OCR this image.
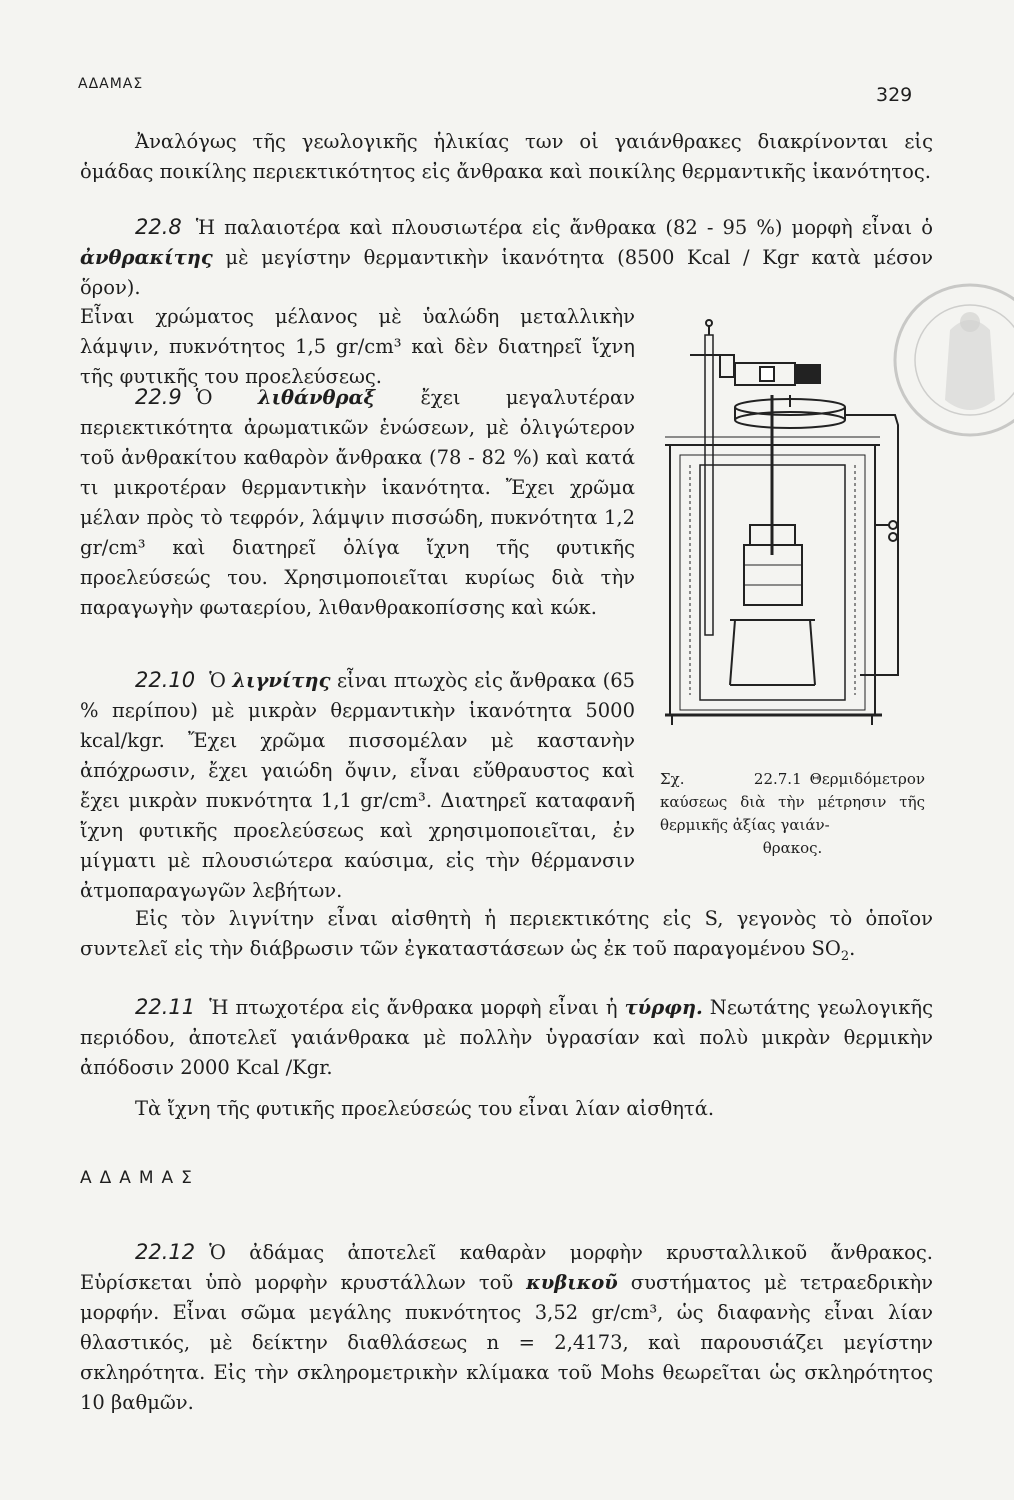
ΑΔΑΜΑΣ	329

Ἀναλόγως τῆς γεωλογικῆς ἡλικίας των οἱ γαιάνθρακες διακρίνονται εἰς ὁμάδας ποικίλης περιεκτικότητος εἰς ἄνθρακα καὶ ποικίλης θερμαντικῆς ἱκανότητος.

22.8 Ἡ παλαιοτέρα καὶ πλουσιωτέρα εἰς ἄνθρακα (82 - 95 %) μορφὴ εἶναι ὁ ἀνθρακίτης μὲ μεγίστην θερμαντικὴν ἱκανότητα (8500 Kcal / Kgr κατὰ μέσον ὅρον).

Εἶναι χρώματος μέλανος μὲ ὑαλώδη μεταλλικὴν λάμψιν, πυκνότητος 1,5 gr/cm³ καὶ δὲν διατηρεῖ ἴχνη τῆς φυτικῆς του προελεύσεως.

22.9 Ὁ λιθάνθραξ ἔχει μεγαλυτέραν περιεκτικότητα ἀρωματικῶν ἑνώσεων, μὲ ὀλιγώτερον τοῦ ἀνθρακίτου καθαρὸν ἄνθρακα (78 - 82 %) καὶ κατά τι μικροτέραν θερμαντικὴν ἱκανότητα. Ἔχει χρῶμα μέλαν πρὸς τὸ τεφρόν, λάμψιν πισσώδη, πυκνότητα 1,2 gr/cm³ καὶ διατηρεῖ ὀλίγα ἴχνη τῆς φυτικῆς προελεύσεώς του. Χρησιμοποιεῖται κυρίως διὰ τὴν παραγωγὴν φωταερίου, λιθανθρακοπίσσης καὶ κώκ.

22.10 Ὁ λιγνίτης εἶναι πτωχὸς εἰς ἄνθρακα (65 % περίπου) μὲ μικρὰν θερμαντικὴν ἱκανότητα 5000 kcal/kgr. Ἔχει χρῶμα πισσομέλαν μὲ καστανὴν ἀπόχρωσιν, ἔχει γαιώδη ὄψιν, εἶναι εὔθραυστος καὶ ἔχει μικρὰν πυκνότητα 1,1 gr/cm³. Διατηρεῖ καταφανῆ ἴχνη φυτικῆς προελεύσεως καὶ χρησιμοποιεῖται, ἐν μίγματι μὲ πλουσιώτερα καύσιμα, εἰς τὴν θέρμανσιν ἀτμοπαραγωγῶν λεβήτων.

Εἰς τὸν λιγνίτην εἶναι αἰσθητὴ ἡ περιεκτικότης εἰς S, γεγονὸς τὸ ὁποῖον συντελεῖ εἰς τὴν διάβρωσιν τῶν ἐγκαταστάσεων ὡς ἐκ τοῦ παραγομένου $SO_2$.

22.11 Ἡ πτωχοτέρα εἰς ἄνθρακα μορφὴ εἶναι ἡ τύρφη. Νεωτάτης γεωλογικῆς περιόδου, ἀποτελεῖ γαιάνθρακα μὲ πολλὴν ὑγρασίαν καὶ πολὺ μικρὰν θερμικὴν ἀπόδοσιν 2000 Kcal /Kgr.

Τὰ ἴχνη τῆς φυτικῆς προελεύσεώς του εἶναι λίαν αἰσθητά.

ΑΔΑΜΑΣ

22.12 Ὁ ἀδάμας ἀποτελεῖ καθαρὰν μορφὴν κρυσταλλικοῦ ἄνθρακος. Εὑρίσκεται ὑπὸ μορφὴν κρυστάλλων τοῦ κυβικοῦ συστήματος μὲ τετραεδρικὴν μορφήν. Εἶναι σῶμα μεγάλης πυκνότητος 3,52 gr/cm³, ὡς διαφανὴς εἶναι λίαν θλαστικός, μὲ δείκτην διαθλάσεως n = 2,4173, καὶ παρουσιάζει μεγίστην σκληρότητα. Εἰς τὴν σκληρομετρικὴν κλίμακα τοῦ Mohs θεωρεῖται ὡς σκληρότητος 10 βαθμῶν.

Σχ. 22.7.1 Θερμιδόμετρον καύσεως διὰ τὴν μέτρησιν τῆς θερμικῆς ἀξίας γαιάν-
θρακος.
